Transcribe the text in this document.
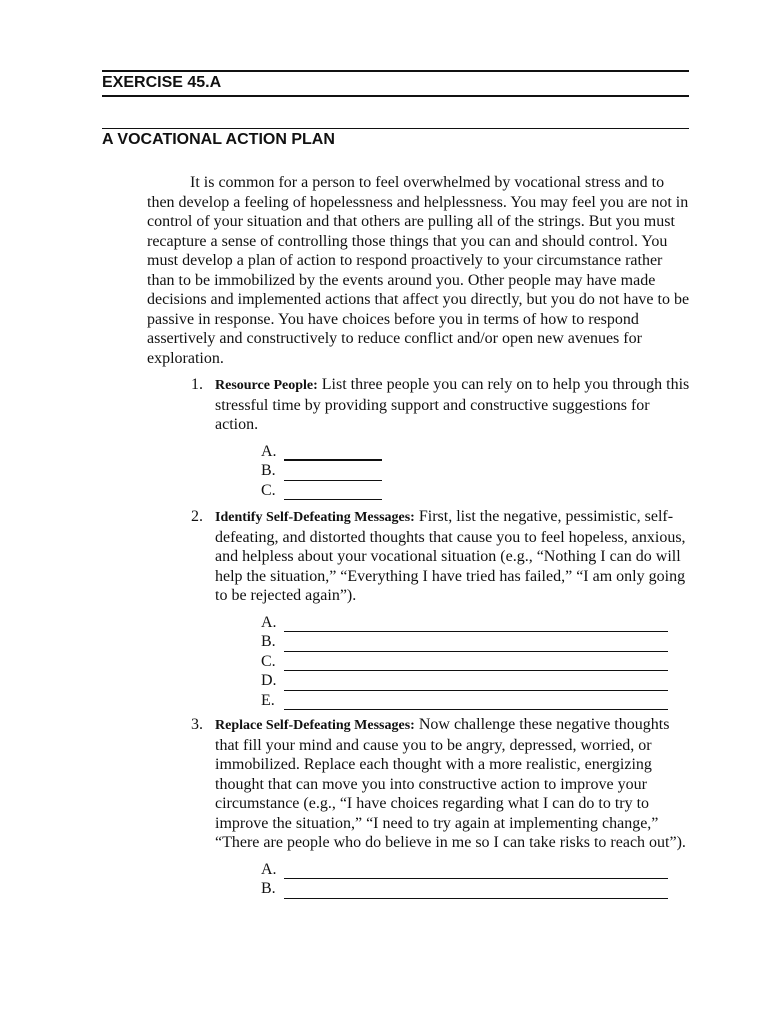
EXERCISE 45.A
A VOCATIONAL ACTION PLAN

It is common for a person to feel overwhelmed by vocational stress and to then develop a feeling of hopelessness and helplessness. You may feel you are not in control of your situation and that others are pulling all of the strings. But you must recapture a sense of controlling those things that you can and should control. You must develop a plan of action to respond proactively to your circumstance rather than to be immobilized by the events around you. Other people may have made decisions and implemented actions that affect you directly, but you do not have to be passive in response. You have choices before you in terms of how to respond assertively and constructively to reduce conflict and/or open new avenues for exploration.

1. Resource People: List three people you can rely on to help you through this stressful time by providing support and constructive suggestions for action.
A.
B.
C.
2. Identify Self-Defeating Messages: First, list the negative, pessimistic, self-defeating, and distorted thoughts that cause you to feel hopeless, anxious, and helpless about your vocational situation (e.g., “Nothing I can do will help the situation,” “Everything I have tried has failed,” “I am only going to be rejected again”).
A.
B.
C.
D.
E.
3. Replace Self-Defeating Messages: Now challenge these negative thoughts that fill your mind and cause you to be angry, depressed, worried, or immobilized. Replace each thought with a more realistic, energizing thought that can move you into constructive action to improve your circumstance (e.g., “I have choices regarding what I can do to try to improve the situation,” “I need to try again at implementing change,” “There are people who do believe in me so I can take risks to reach out”).
A.
B.
